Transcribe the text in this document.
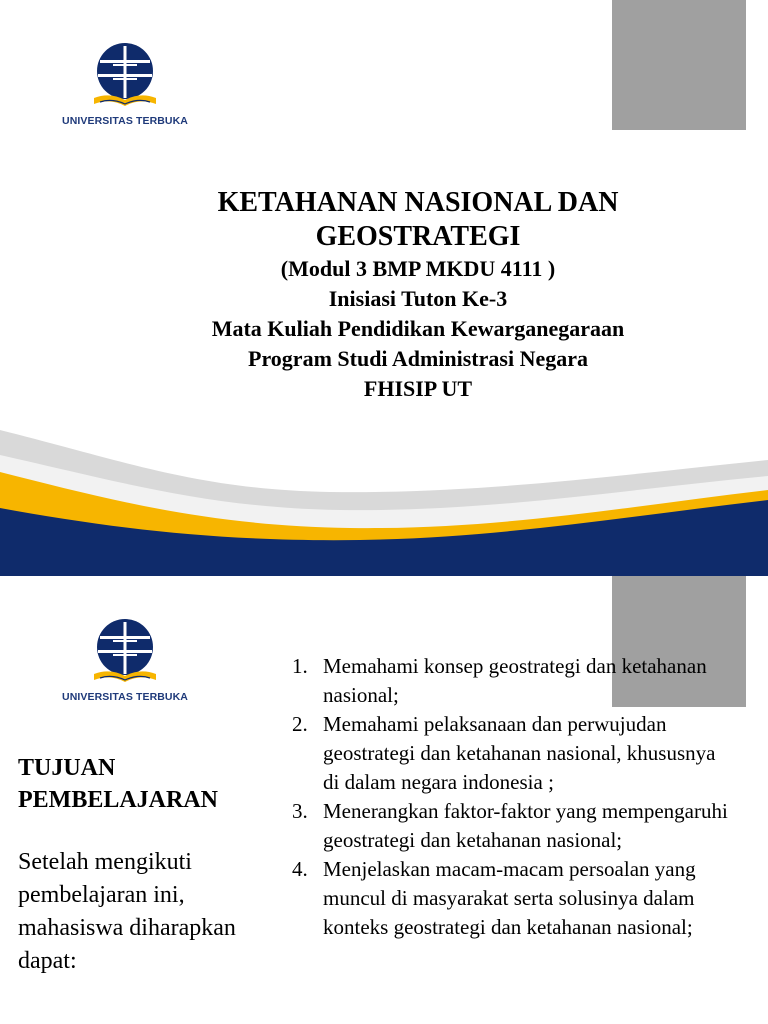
UNIVERSITAS TERBUKA
KETAHANAN NASIONAL DAN
GEOSTRATEGI
(Modul 3 BMP MKDU 4111 )
Inisiasi Tuton Ke-3
Mata Kuliah Pendidikan Kewarganegaraan
Program Studi Administrasi Negara
FHISIP UT
UNIVERSITAS TERBUKA
TUJUAN
PEMBELAJARAN
Setelah mengikuti pembelajaran ini, mahasiswa diharapkan dapat:
1. Memahami konsep geostrategi dan ketahanan nasional;
2. Memahami pelaksanaan dan perwujudan geostrategi dan ketahanan nasional, khususnya di dalam negara indonesia ;
3. Menerangkan faktor-faktor yang mempengaruhi geostrategi dan ketahanan nasional;
4. Menjelaskan macam-macam persoalan yang muncul di masyarakat serta solusinya dalam konteks geostrategi dan ketahanan nasional;
